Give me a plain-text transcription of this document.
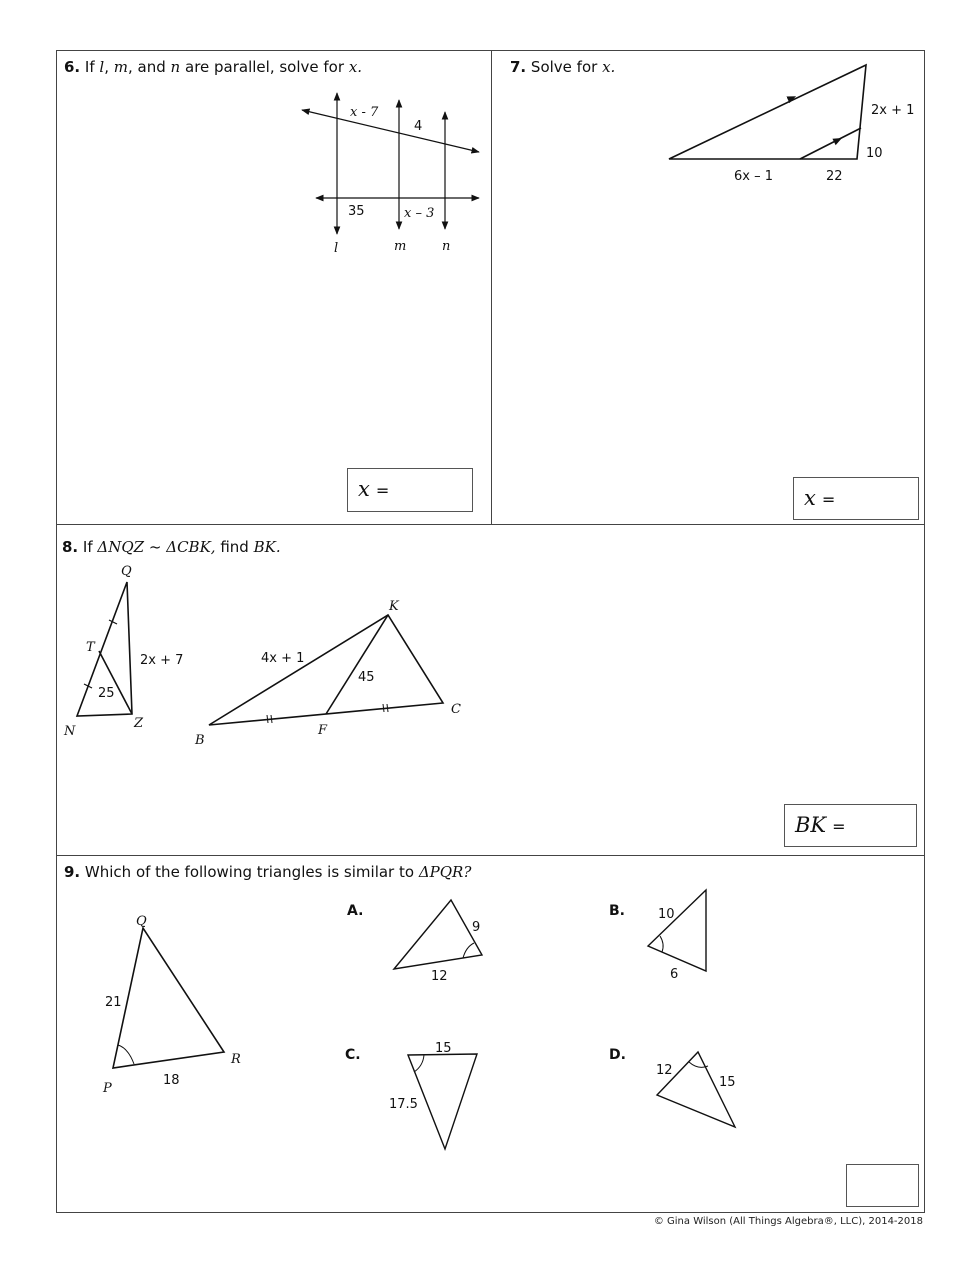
6. If l, m, and n are parallel, solve for x.
x - 7
4
35	x – 3
l	m	n
2x + 1
10
6x – 1	22
Q
T
N
Z
2x + 7
25
K
B
F
C
4x + 1
45
Q
P
R
21
18
A.
9
12
B.	10
6
C.	15
17.5
D.
12
15
x =
7. Solve for x.
x =
8. If ΔNQZ ~ ΔCBK, find BK.
BK =
9. Which of the following triangles is similar to ΔPQR?
© Gina Wilson (All Things Algebra®, LLC), 2014-2018
